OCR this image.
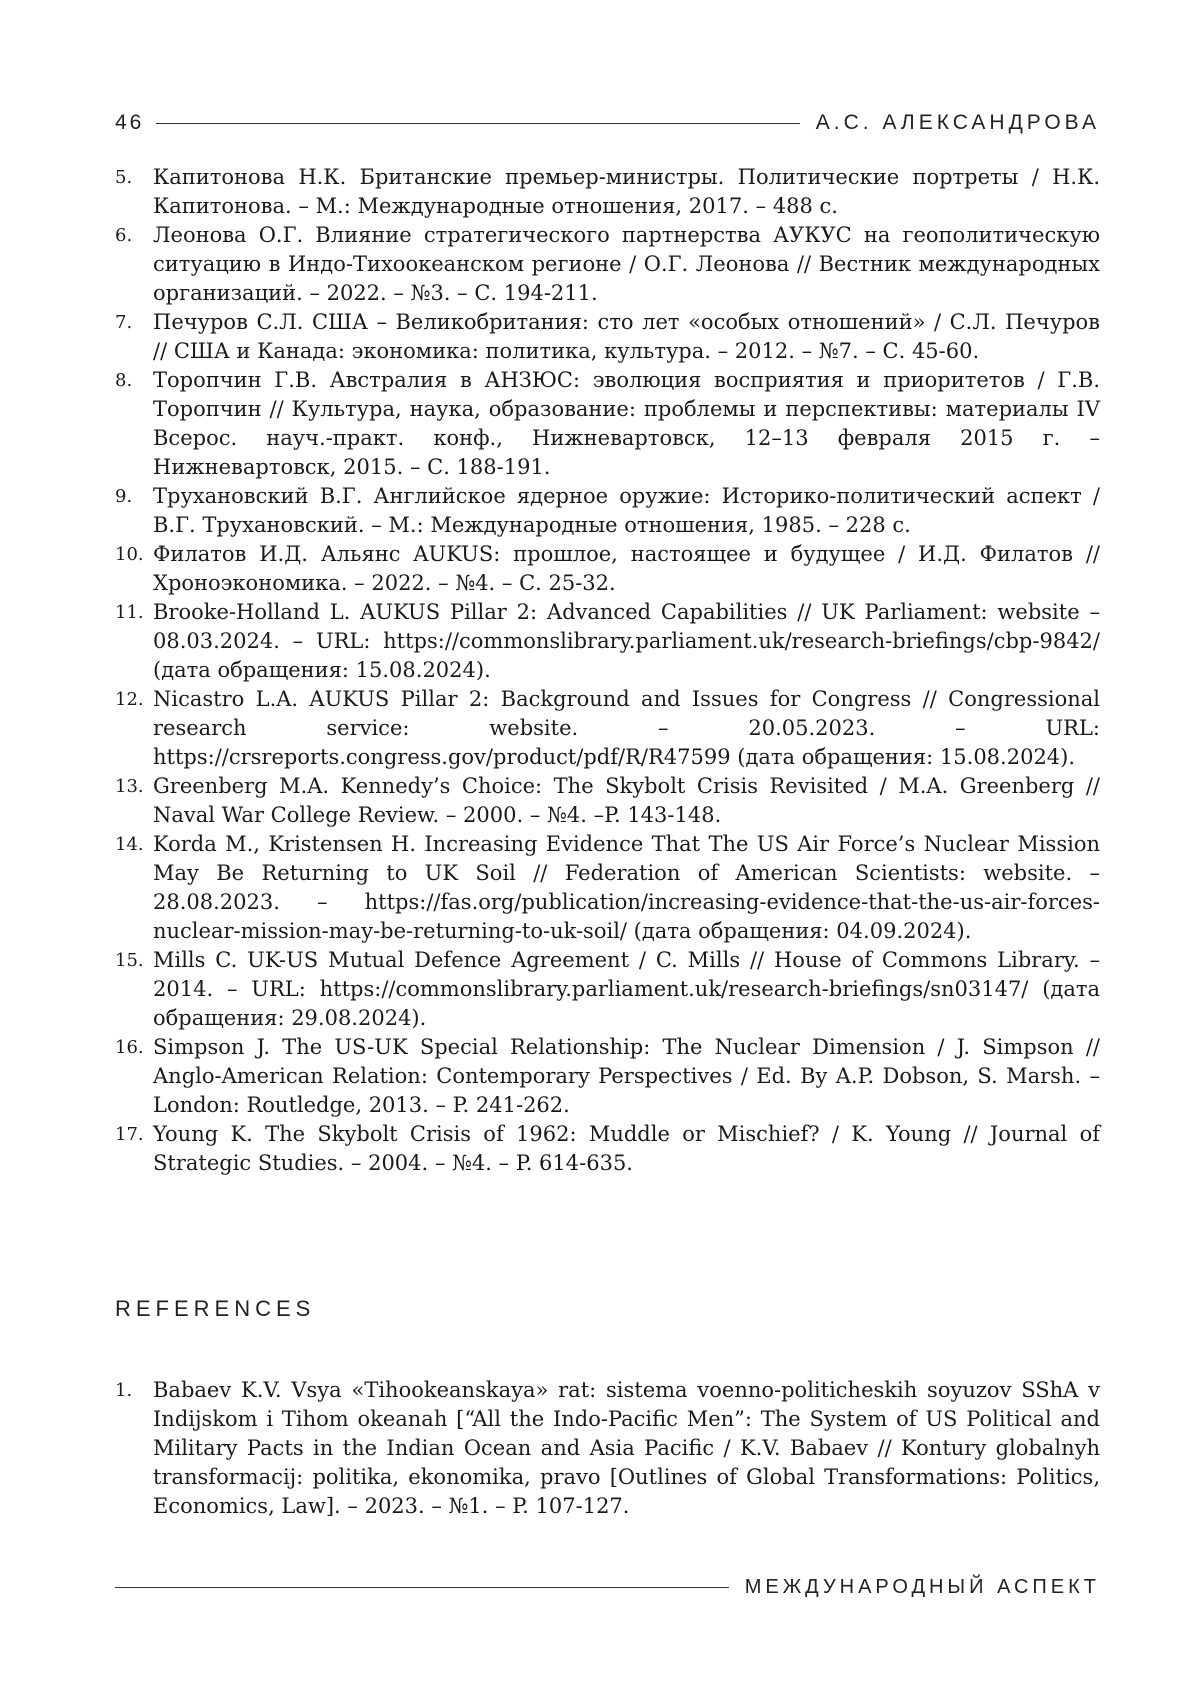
46	А.С. АЛЕКСАНДРОВА
5. Капитонова Н.К. Британские премьер-министры. Политические портреты / Н.К. Капитонова. – М.: Международные отношения, 2017. – 488 с.
6. Леонова О.Г. Влияние стратегического партнерства АУКУС на геополитическую ситуацию в Индо-Тихоокеанском регионе / О.Г. Леонова // Вестник международных организаций. – 2022. – №3. – С. 194-211.
7. Печуров С.Л. США – Великобритания: сто лет «особых отношений» / С.Л. Печуров // США и Канада: экономика: политика, культура. – 2012. – №7. – С. 45-60.
8. Торопчин Г.В. Австралия в АНЗЮС: эволюция восприятия и приоритетов / Г.В. Торопчин // Культура, наука, образование: проблемы и перспективы: материалы IV Всерос. науч.-практ. конф., Нижневартовск, 12–13 февраля 2015 г. – Нижневартовск, 2015. – С. 188-191.
9. Трухановский В.Г. Английское ядерное оружие: Историко-политический аспект / В.Г. Трухановский. – М.: Международные отношения, 1985. – 228 с.
10. Филатов И.Д. Альянс AUKUS: прошлое, настоящее и будущее / И.Д. Филатов // Хроноэкономика. – 2022. – №4. – С. 25-32.
11. Brooke-Holland L. AUKUS Pillar 2: Advanced Capabilities // UK Parliament: website – 08.03.2024. – URL: https://commonslibrary.parliament.uk/research-briefings/cbp-9842/ (дата обращения: 15.08.2024).
12. Nicastro L.A. AUKUS Pillar 2: Background and Issues for Congress // Congressional research service: website. – 20.05.2023. – URL: https://crsreports.congress.gov/product/pdf/R/R47599 (дата обращения: 15.08.2024).
13. Greenberg M.A. Kennedy’s Choice: The Skybolt Crisis Revisited / M.A. Greenberg // Naval War College Review. – 2000. – №4. –P. 143-148.
14. Korda M., Kristensen H. Increasing Evidence That The US Air Force’s Nuclear Mission May Be Returning to UK Soil // Federation of American Scientists: website. – 28.08.2023. – https://fas.org/publication/increasing-evidence-that-the-us-air-forces-nuclear-mission-may-be-returning-to-uk-soil/ (дата обращения: 04.09.2024).
15. Mills C. UK-US Mutual Defence Agreement / C. Mills // House of Commons Library. – 2014. – URL: https://commonslibrary.parliament.uk/research-briefings/sn03147/ (дата обращения: 29.08.2024).
16. Simpson J. The US-UK Special Relationship: The Nuclear Dimension / J. Simpson // Anglo-American Relation: Contemporary Perspectives / Ed. By A.P. Dobson, S. Marsh. – London: Routledge, 2013. – P. 241-262.
17. Young K. The Skybolt Crisis of 1962: Muddle or Mischief? / K. Young // Journal of Strategic Studies. – 2004. – №4. – P. 614-635.
REFERENCES
1. Babaev K.V. Vsya «Tihookeanskaya» rat: sistema voenno-politicheskih soyuzov SShA v Indijskom i Tihom okeanah [“All the Indo-Pacific Men”: The System of US Political and Military Pacts in the Indian Ocean and Asia Pacific / K.V. Babaev // Kontury globalnyh transformacij: politika, ekonomika, pravo [Outlines of Global Transformations: Politics, Economics, Law]. – 2023. – №1. – P. 107-127.
МЕЖДУНАРОДНЫЙ АСПЕКТ
